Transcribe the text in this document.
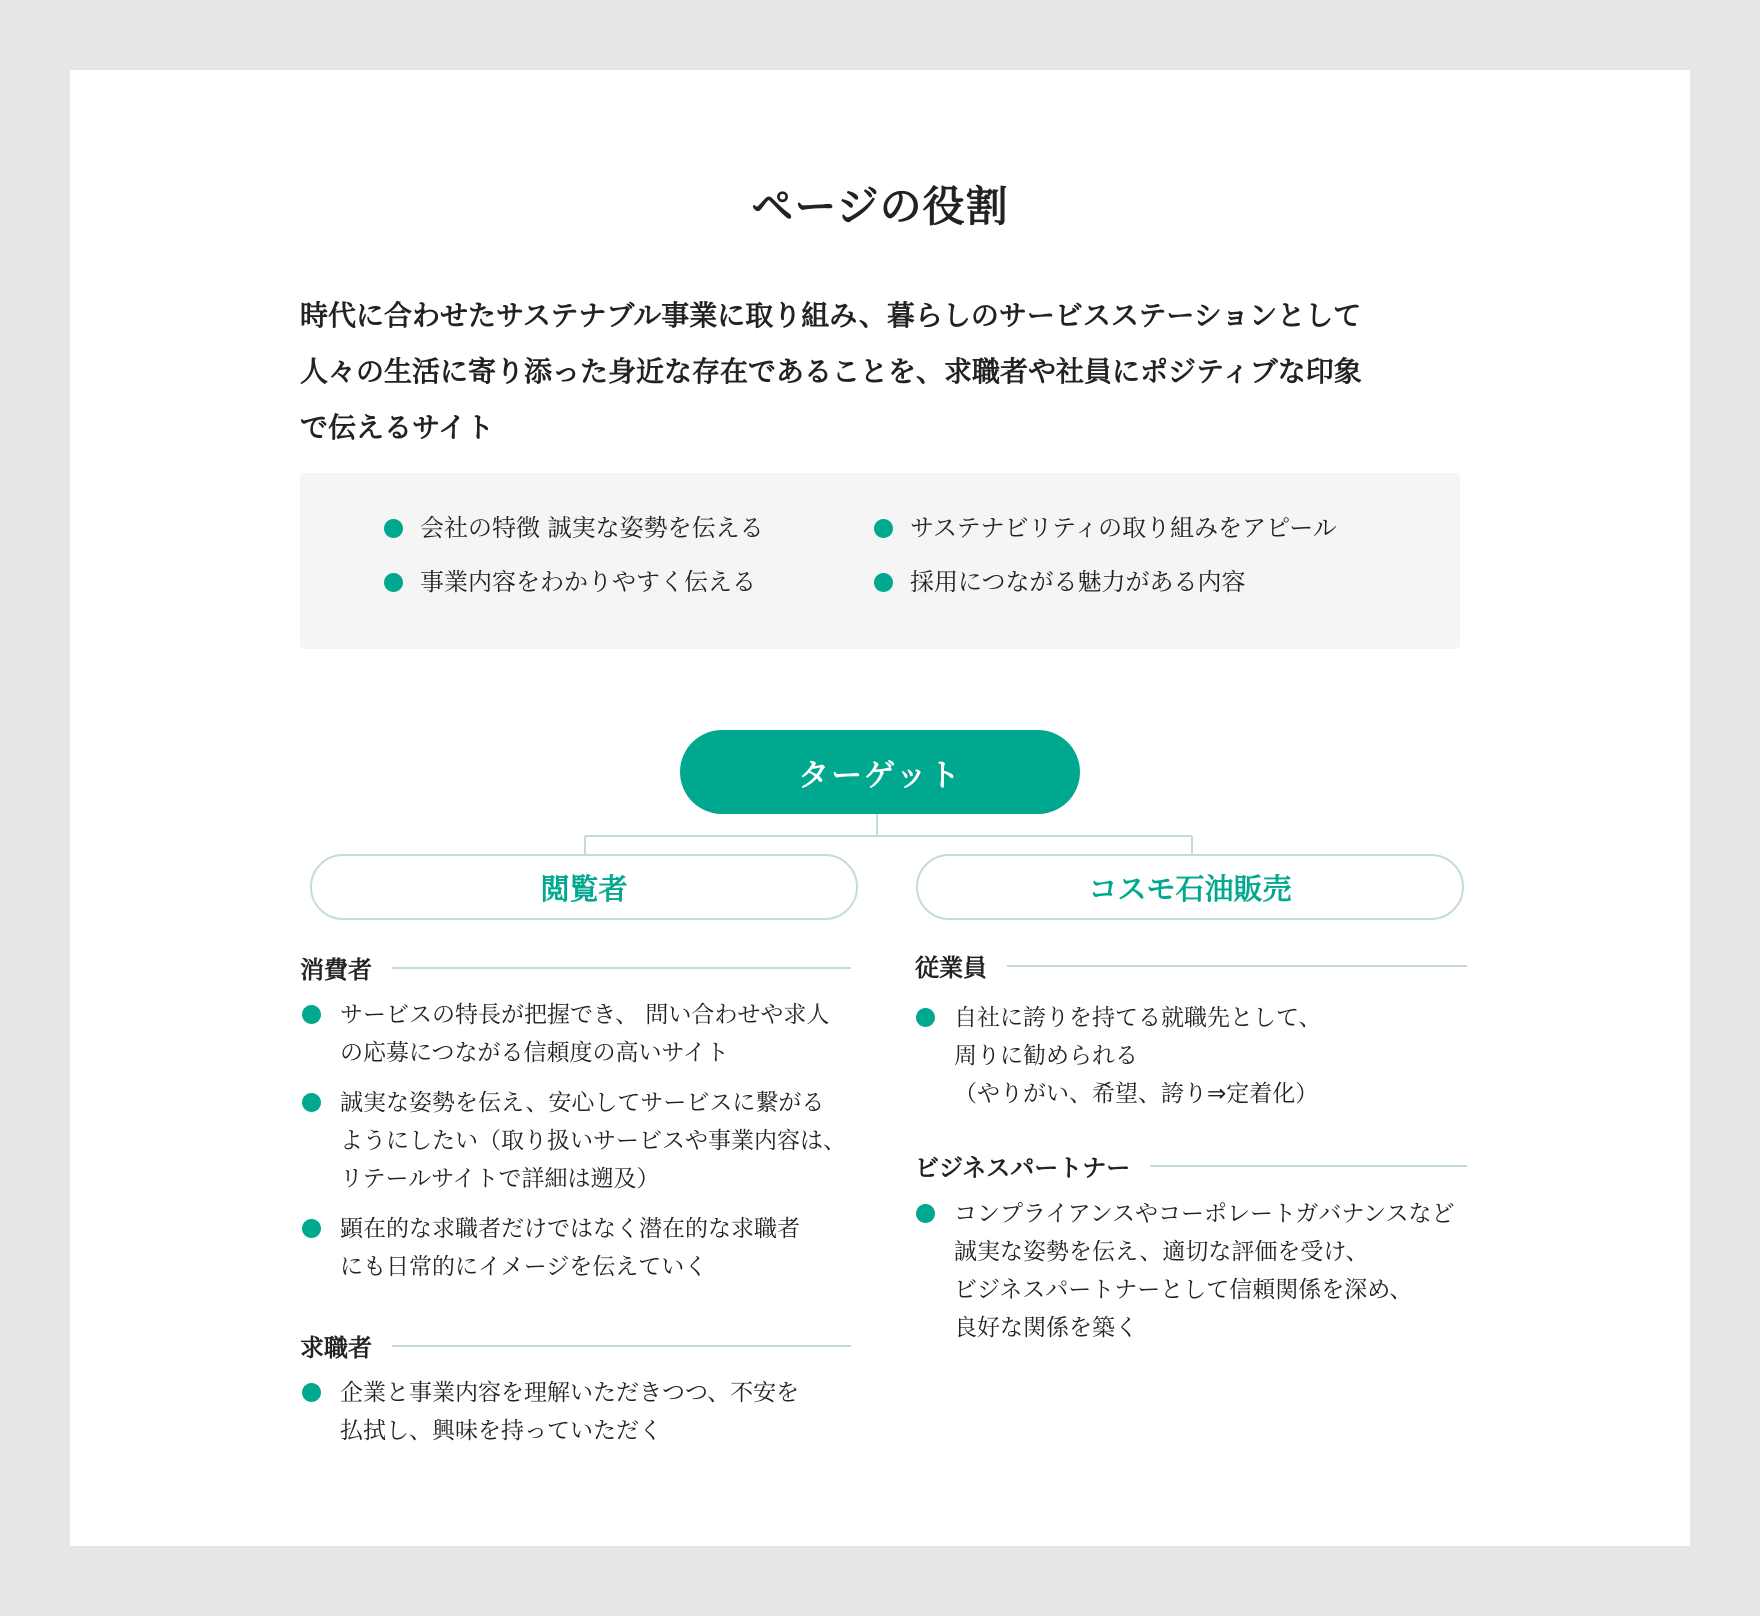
ページの役割
時代に合わせたサステナブル事業に取り組み、暮らしのサービスステーションとして
人々の生活に寄り添った身近な存在であることを、求職者や社員にポジティブな印象
で伝えるサイト
会社の特徴 誠実な姿勢を伝える
事業内容をわかりやすく伝える
サステナビリティの取り組みをアピール
採用につながる魅力がある内容
ターゲット
閲覧者	コスモ石油販売
消費者
サービスの特長が把握でき、 問い合わせや求人
の応募につながる信頼度の高いサイト
誠実な姿勢を伝え、安心してサービスに繋がる
ようにしたい（取り扱いサービスや事業内容は、
リテールサイトで詳細は遡及）
顕在的な求職者だけではなく潜在的な求職者
にも日常的にイメージを伝えていく
求職者
企業と事業内容を理解いただきつつ、不安を
払拭し、興味を持っていただく
従業員
自社に誇りを持てる就職先として、
周りに勧められる
（やりがい、希望、誇り⇒定着化）
ビジネスパートナー
コンプライアンスやコーポレートガバナンスなど
誠実な姿勢を伝え、適切な評価を受け、
ビジネスパートナーとして信頼関係を深め、
良好な関係を築く
